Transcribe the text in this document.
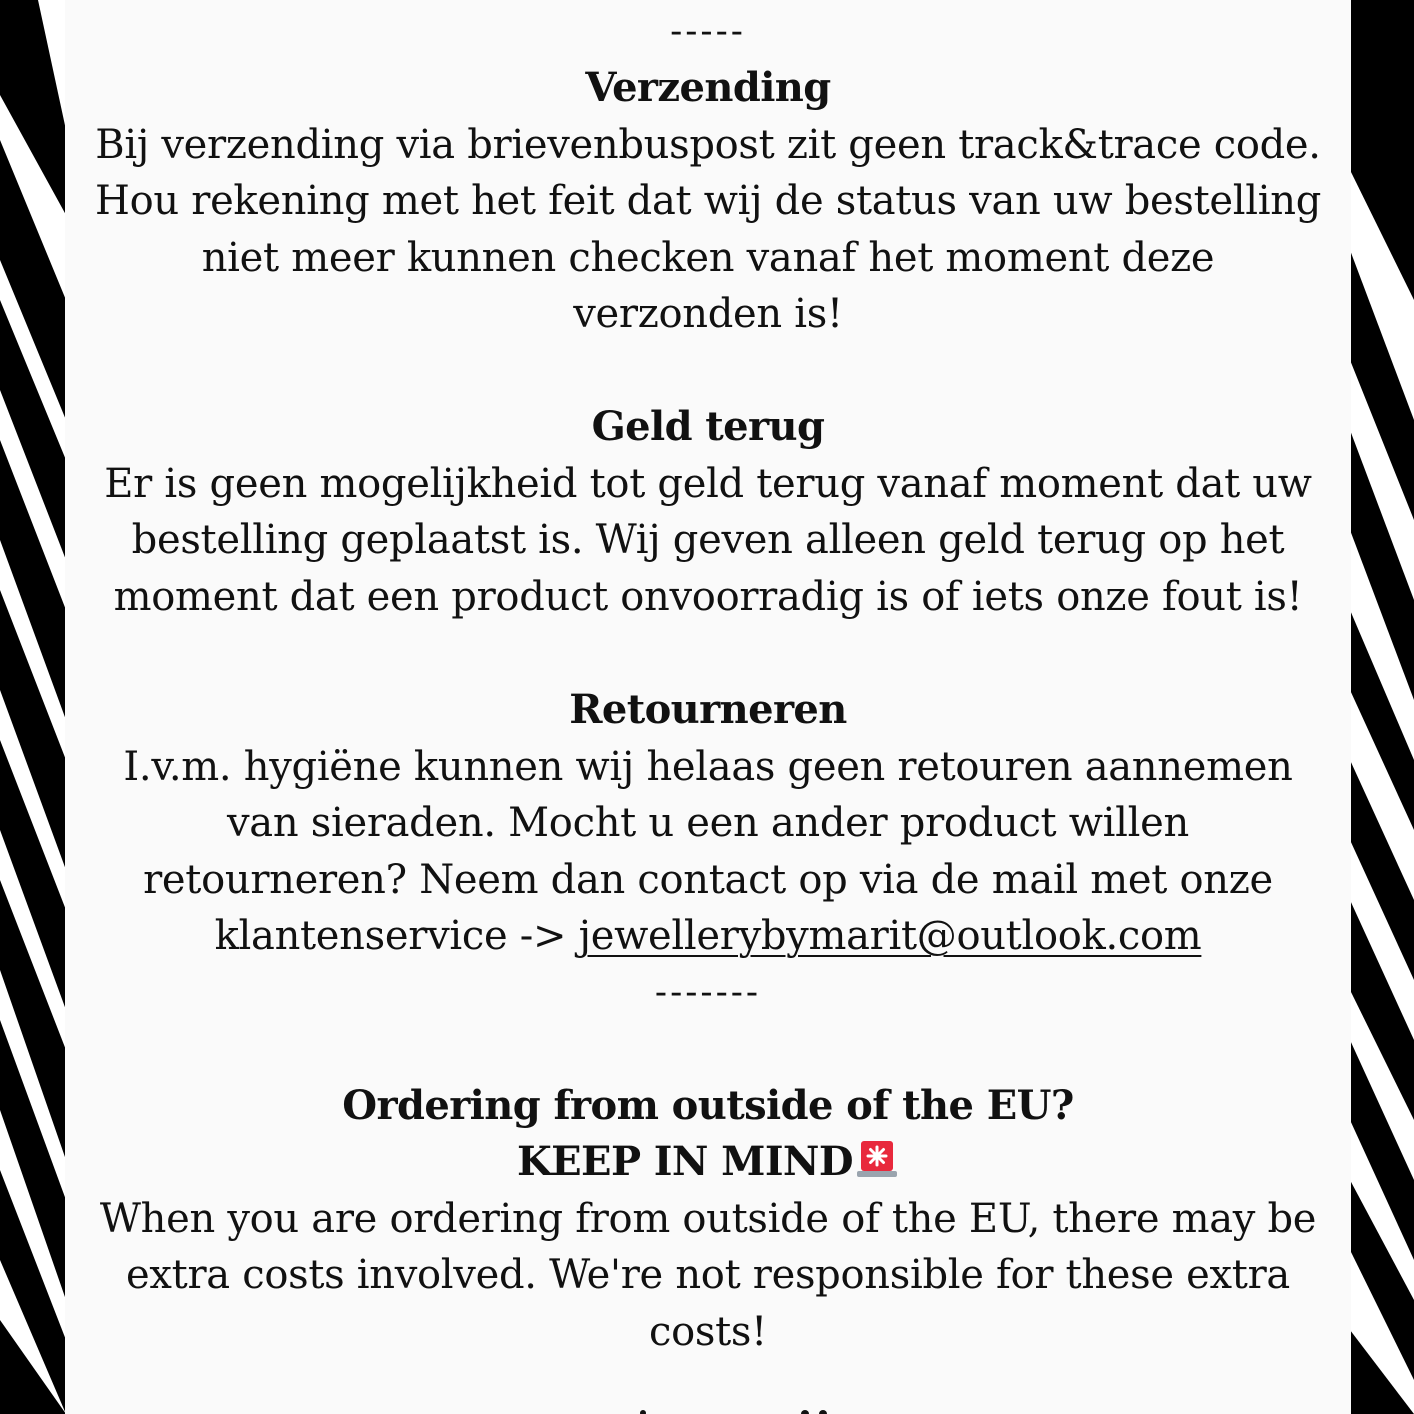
-----
Verzending
Bij verzending via brievenbuspost zit geen track&trace code.
Hou rekening met het feit dat wij de status van uw bestelling
niet meer kunnen checken vanaf het moment deze
verzonden is!
Geld terug
Er is geen mogelijkheid tot geld terug vanaf moment dat uw
bestelling geplaatst is. Wij geven alleen geld terug op het
moment dat een product onvoorradig is of iets onze fout is!
Retourneren
I.v.m. hygiëne kunnen wij helaas geen retouren aannemen
van sieraden. Mocht u een ander product willen
retourneren? Neem dan contact op via de mail met onze
klantenservice -> jewellerybymarit@outlook.com
-------
Ordering from outside of the EU?
KEEP IN MIND
When you are ordering from outside of the EU, there may be
extra costs involved. We're not responsible for these extra
costs!
